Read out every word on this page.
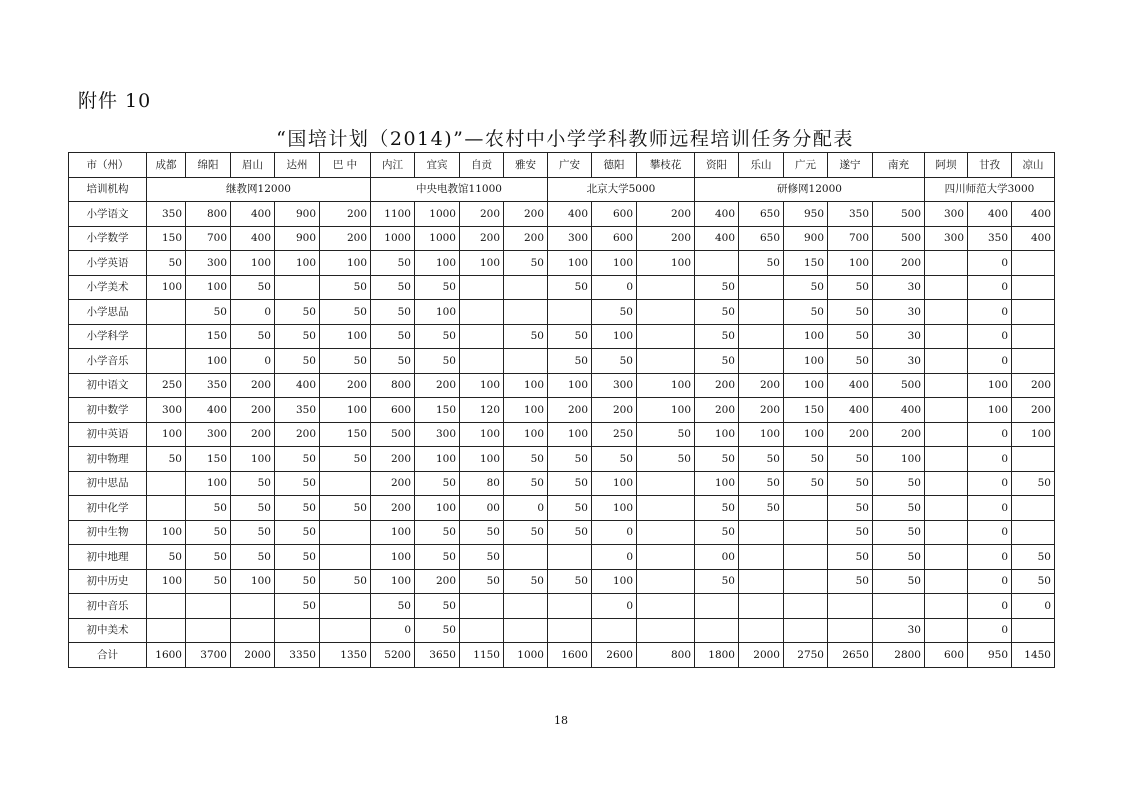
附件 10
“国培计划（2014)”—农村中小学学科教师远程培训任务分配表
市（州）	成都	绵阳	眉山	达州	巴 中	内江	宜宾	自贡	雅安	广安	德阳	攀枝花	资阳	乐山	广元	遂宁	南充	阿坝	甘孜	凉山
培训机构	继教网12000					中央电教馆11000				北京大学5000			研修网12000					四川师范大学3000		
小学语文	350	800	400	900	200	1100	1000	200	200	400	600	200	400	650	950	350	500	300	400	400
小学数学	150	700	400	900	200	1000	1000	200	200	300	600	200	400	650	900	700	500	300	350	400
小学英语	50	300	100	100	100	50	100	100	50	100	100	100		50	150	100	200		0	
小学美术	100	100	50		50	50	50			50	0		50		50	50	30		0	
小学思品		50	0	50	50	50	100				50		50		50	50	30		0	
小学科学		150	50	50	100	50	50		50	50	100		50		100	50	30		0	
小学音乐		100	0	50	50	50	50			50	50		50		100	50	30		0	
初中语文	250	350	200	400	200	800	200	100	100	100	300	100	200	200	100	400	500		100	200
初中数学	300	400	200	350	100	600	150	120	100	200	200	100	200	200	150	400	400		100	200
初中英语	100	300	200	200	150	500	300	100	100	100	250	50	100	100	100	200	200		0	100
初中物理	50	150	100	50	50	200	100	100	50	50	50	50	50	50	50	50	100		0	
初中思品		100	50	50		200	50	80	50	50	100		100	50	50	50	50		0	50
初中化学		50	50	50	50	200	100	00	0	50	100		50	50		50	50		0	
初中生物	100	50	50	50		100	50	50	50	50	0		50			50	50		0	
初中地理	50	50	50	50		100	50	50			0		00			50	50		0	50
初中历史	100	50	100	50	50	100	200	50	50	50	100		50			50	50		0	50
初中音乐				50		50	50				0								0	0
初中美术						0	50										30		0	
合计	1600	3700	2000	3350	1350	5200	3650	1150	1000	1600	2600	800	1800	2000	2750	2650	2800	600	950	1450
18
